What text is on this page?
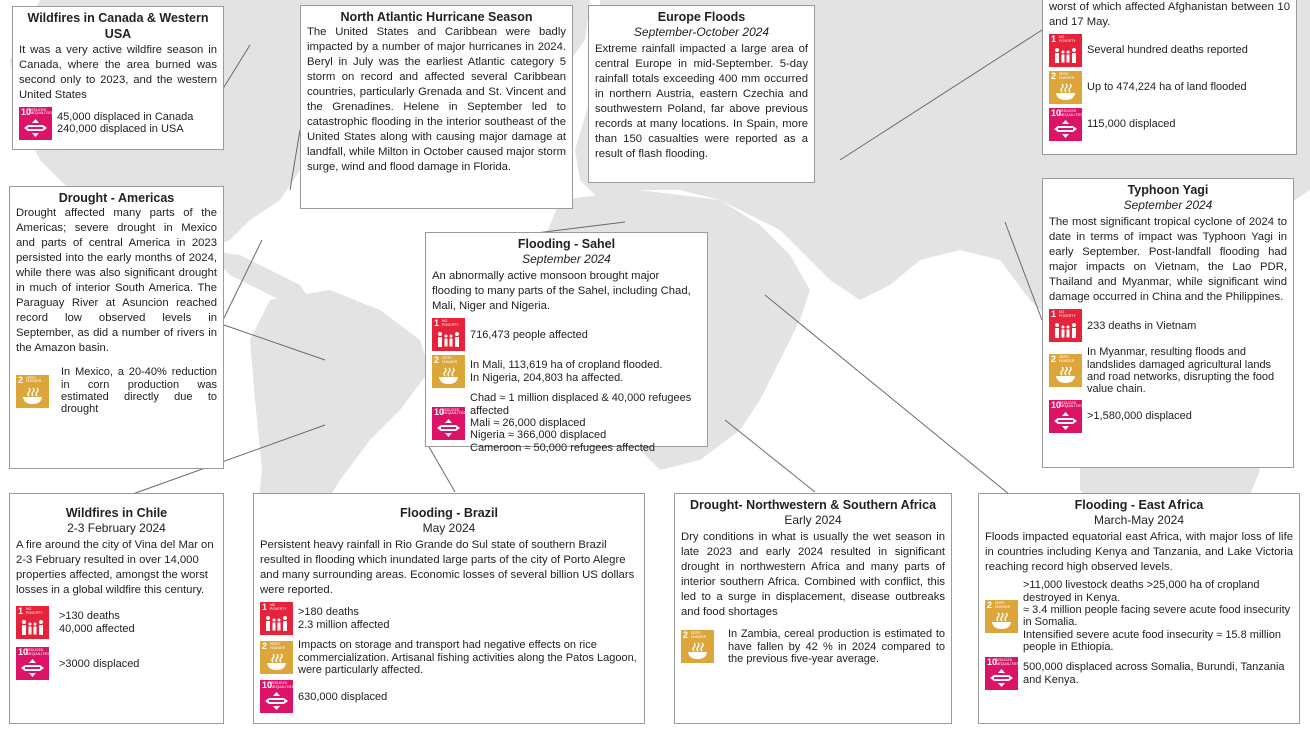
Wildfires in Canada & Western USA

It was a very active wildfire season in Canada, where the area burned was second only to 2023, and the western United States

10
REDUCED INEQUALITIES 45,000 displaced in Canada
240,000 displaced in USA
North Atlantic Hurricane Season

The United States and Caribbean were badly impacted by a number of major hurricanes in 2024. Beryl in July was the earliest Atlantic category 5 storm on record and affected several Caribbean countries, particularly Grenada and St. Vincent and the Grenadines. Helene in September led to catastrophic flooding in the interior southeast of the United States along with causing major damage at landfall, while Milton in October caused major storm surge, wind and flood damage in Florida.

Europe Floods
September-October 2024

Extreme rainfall impacted a large area of central Europe in mid-September. 5-day rainfall totals exceeding 400 mm occurred in northern Austria, eastern Czechia and southwestern Poland, far above previous records at many locations. In Spain, more than 150 casualties were reported as a result of flash flooding.

worst of which affected Afghanistan between 10 and 17 May.

1 NO POVERTY
Several hundred deaths reported
2 ZERO HUNGER
Up to 474,224 ha of land flooded
10
REDUCED INEQUALITIES
115,000 displaced
Drought - Americas

Drought affected many parts of the Americas; severe drought in Mexico and parts of central America in 2023 persisted into the early months of 2024, while there was also significant drought in much of interior South America. The Paraguay River at Asuncion reached record low observed levels in September, as did a number of rivers in the Amazon basin.

2 ZERO HUNGER
In Mexico, a 20-40% reduction in corn production was estimated directly due to drought
Flooding - Sahel
September 2024

An abnormally active monsoon brought major flooding to many parts of the Sahel, including Chad, Mali, Niger and Nigeria.

1 NO POVERTY
716,473 people affected
2 ZERO HUNGER	In Mali, 113,619 ha of cropland flooded.
In Nigeria, 204,803 ha affected.
10
REDUCED INEQUALITIES
Chad ≈ 1 million displaced & 40,000 refugees affected
Mali ≈ 26,000 displaced
Nigeria ≈ 366,000 displaced
Cameroon ≈ 50,000 refugees affected
Typhoon Yagi
September 2024

The most significant tropical cyclone of 2024 to date in terms of impact was Typhoon Yagi in early September. Post-landfall flooding had major impacts on Vietnam, the Lao PDR, Thailand and Myanmar, while significant wind damage occurred in China and the Philippines.

1 NO POVERTY
233 deaths in Vietnam
2 ZERO HUNGER
In Myanmar, resulting floods and landslides damaged agricultural lands and road networks, disrupting the food value chain.
10
REDUCED INEQUALITIES
>1,580,000 displaced
Wildfires in Chile
2-3 February 2024

A fire around the city of Vina del Mar on 2-3 February resulted in over 14,000 properties affected, amongst the worst losses in a global wildfire this century.

1 NO POVERTY	>130 deaths
40,000 affected
10
REDUCED INEQUALITIES
>3000 displaced
Flooding - Brazil
May 2024

Persistent heavy rainfall in Rio Grande do Sul state of southern Brazil resulted in flooding which inundated large parts of the city of Porto Alegre and many surrounding areas. Economic losses of several billion US dollars were reported.

1 NO POVERTY	>180 deaths
2.3 million affected
2 ZERO HUNGER	Impacts on storage and transport had negative effects on rice commercialization. Artisanal fishing activities along the Patos Lagoon, were particularly affected.
10
REDUCED INEQUALITIES
630,000 displaced
Drought- Northwestern & Southern Africa
Early 2024

Dry conditions in what is usually the wet season in late 2023 and early 2024 resulted in significant drought in northwestern Africa and many parts of interior southern Africa. Combined with conflict, this led to a surge in displacement, disease outbreaks and food shortages

2 ZERO HUNGER	In Zambia, cereal production is estimated to have fallen by 42 % in 2024 compared to the previous five-year average.
Flooding - East Africa
March-May 2024

Floods impacted equatorial east Africa, with major loss of life in countries including Kenya and Tanzania, and Lake Victoria reaching record high observed levels.

2 ZERO HUNGER
>11,000 livestock deaths >25,000 ha of cropland destroyed in Kenya.
≈ 3.4 million people facing severe acute food insecurity in Somalia.
Intensified severe acute food insecurity ≈ 15.8 million people in Ethiopia.
10
REDUCED INEQUALITIES 500,000 displaced across Somalia, Burundi, Tanzania and Kenya.
